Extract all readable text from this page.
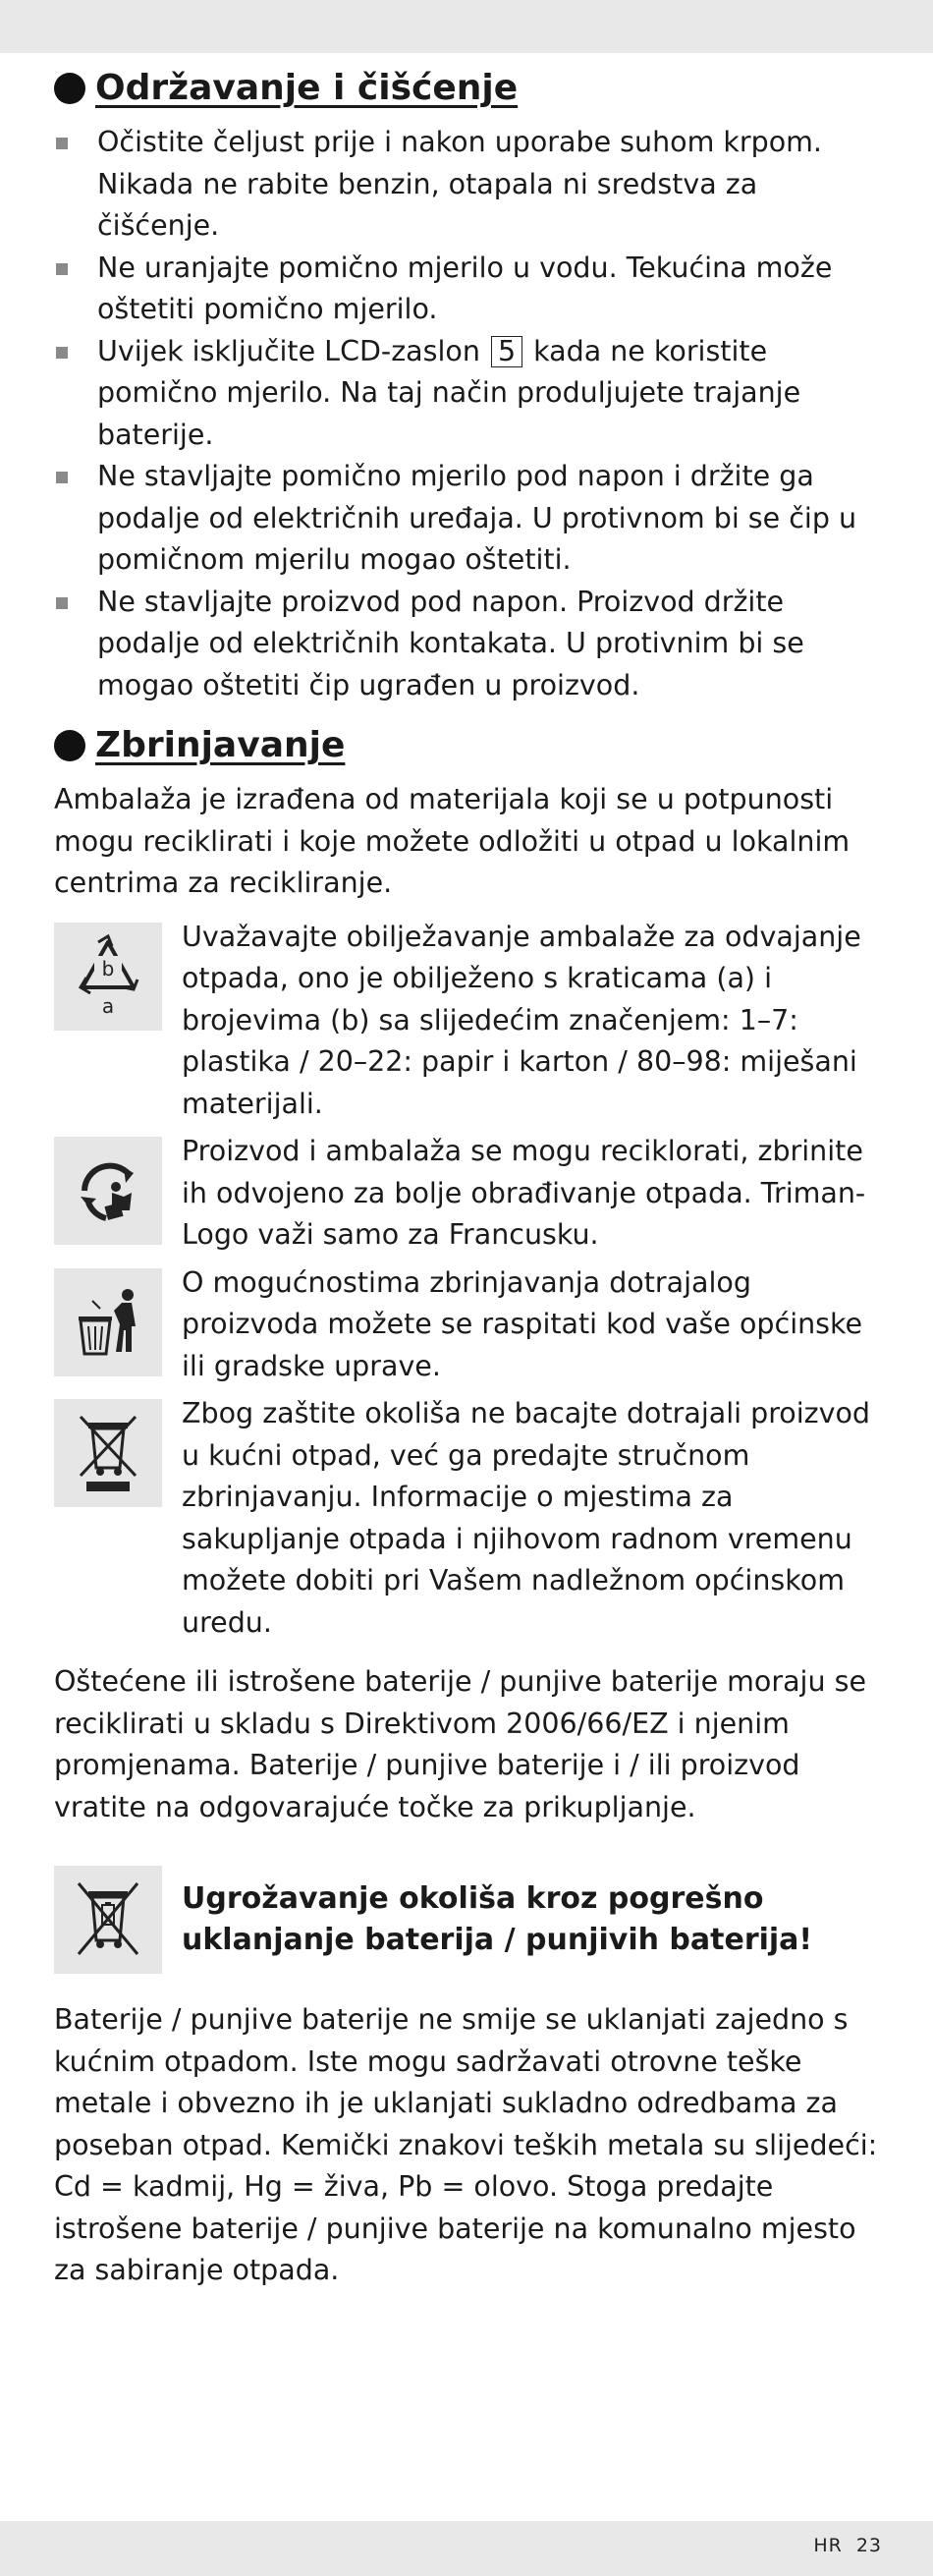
Održavanje i čišćenje
Očistite čeljust prije i nakon uporabe suhom krpom. Nikada ne rabite benzin, otapala ni sredstva za čišćenje.
Ne uranjajte pomično mjerilo u vodu. Tekućina može oštetiti pomično mjerilo.
Uvijek isključite LCD-zaslon 5 kada ne koristite pomično mjerilo. Na taj način produljujete trajanje baterije.
Ne stavljajte pomično mjerilo pod napon i držite ga podalje od električnih uređaja. U protivnom bi se čip u pomičnom mjerilu mogao oštetiti.
Ne stavljajte proizvod pod napon. Proizvod držite podalje od električnih kontakata. U protivnim bi se mogao oštetiti čip ugrađen u proizvod.
Zbrinjavanje

Ambalaža je izrađena od materijala koji se u potpunosti mogu reciklirati i koje možete odložiti u otpad u lokalnim centrima za recikliranje.

b
a
Uvažavajte obilježavanje ambalaže za odvajanje otpada, ono je obilježeno s kraticama (a) i brojevima (b) sa slijedećim značenjem: 1–7: plastika / 20–22: papir i karton / 80–98: miješani materijali.
Proizvod i ambalaža se mogu reciklorati, zbrinite ih odvojeno za bolje obrađivanje otpada. Triman-Logo važi samo za Francusku.
O mogućnostima zbrinjavanja dotrajalog proizvoda možete se raspitati kod vaše općinske ili gradske uprave.
Zbog zaštite okoliša ne bacajte dotrajali proizvod u kućni otpad, već ga predajte stručnom zbrinjavanju. Informacije o mjestima za sakupljanje otpada i njihovom radnom vremenu možete dobiti pri Vašem nadležnom općinskom uredu.

Oštećene ili istrošene baterije / punjive baterije moraju se reciklirati u skladu s Direktivom 2006/66/EZ i njenim promjenama. Baterije / punjive baterije i / ili proizvod vratite na odgovarajuće točke za prikupljanje.

Ugrožavanje okoliša kroz pogrešno uklanjanje baterija / punjivih baterija!

Baterije / punjive baterije ne smije se uklanjati zajedno s kućnim otpadom. Iste mogu sadržavati otrovne teške metale i obvezno ih je uklanjati sukladno odredbama za poseban otpad. Kemički znakovi teških metala su slijedeći: Cd = kadmij, Hg = živa, Pb = olovo. Stoga predajte istrošene baterije / punjive baterije na komunalno mjesto za sabiranje otpada.

HR 23
